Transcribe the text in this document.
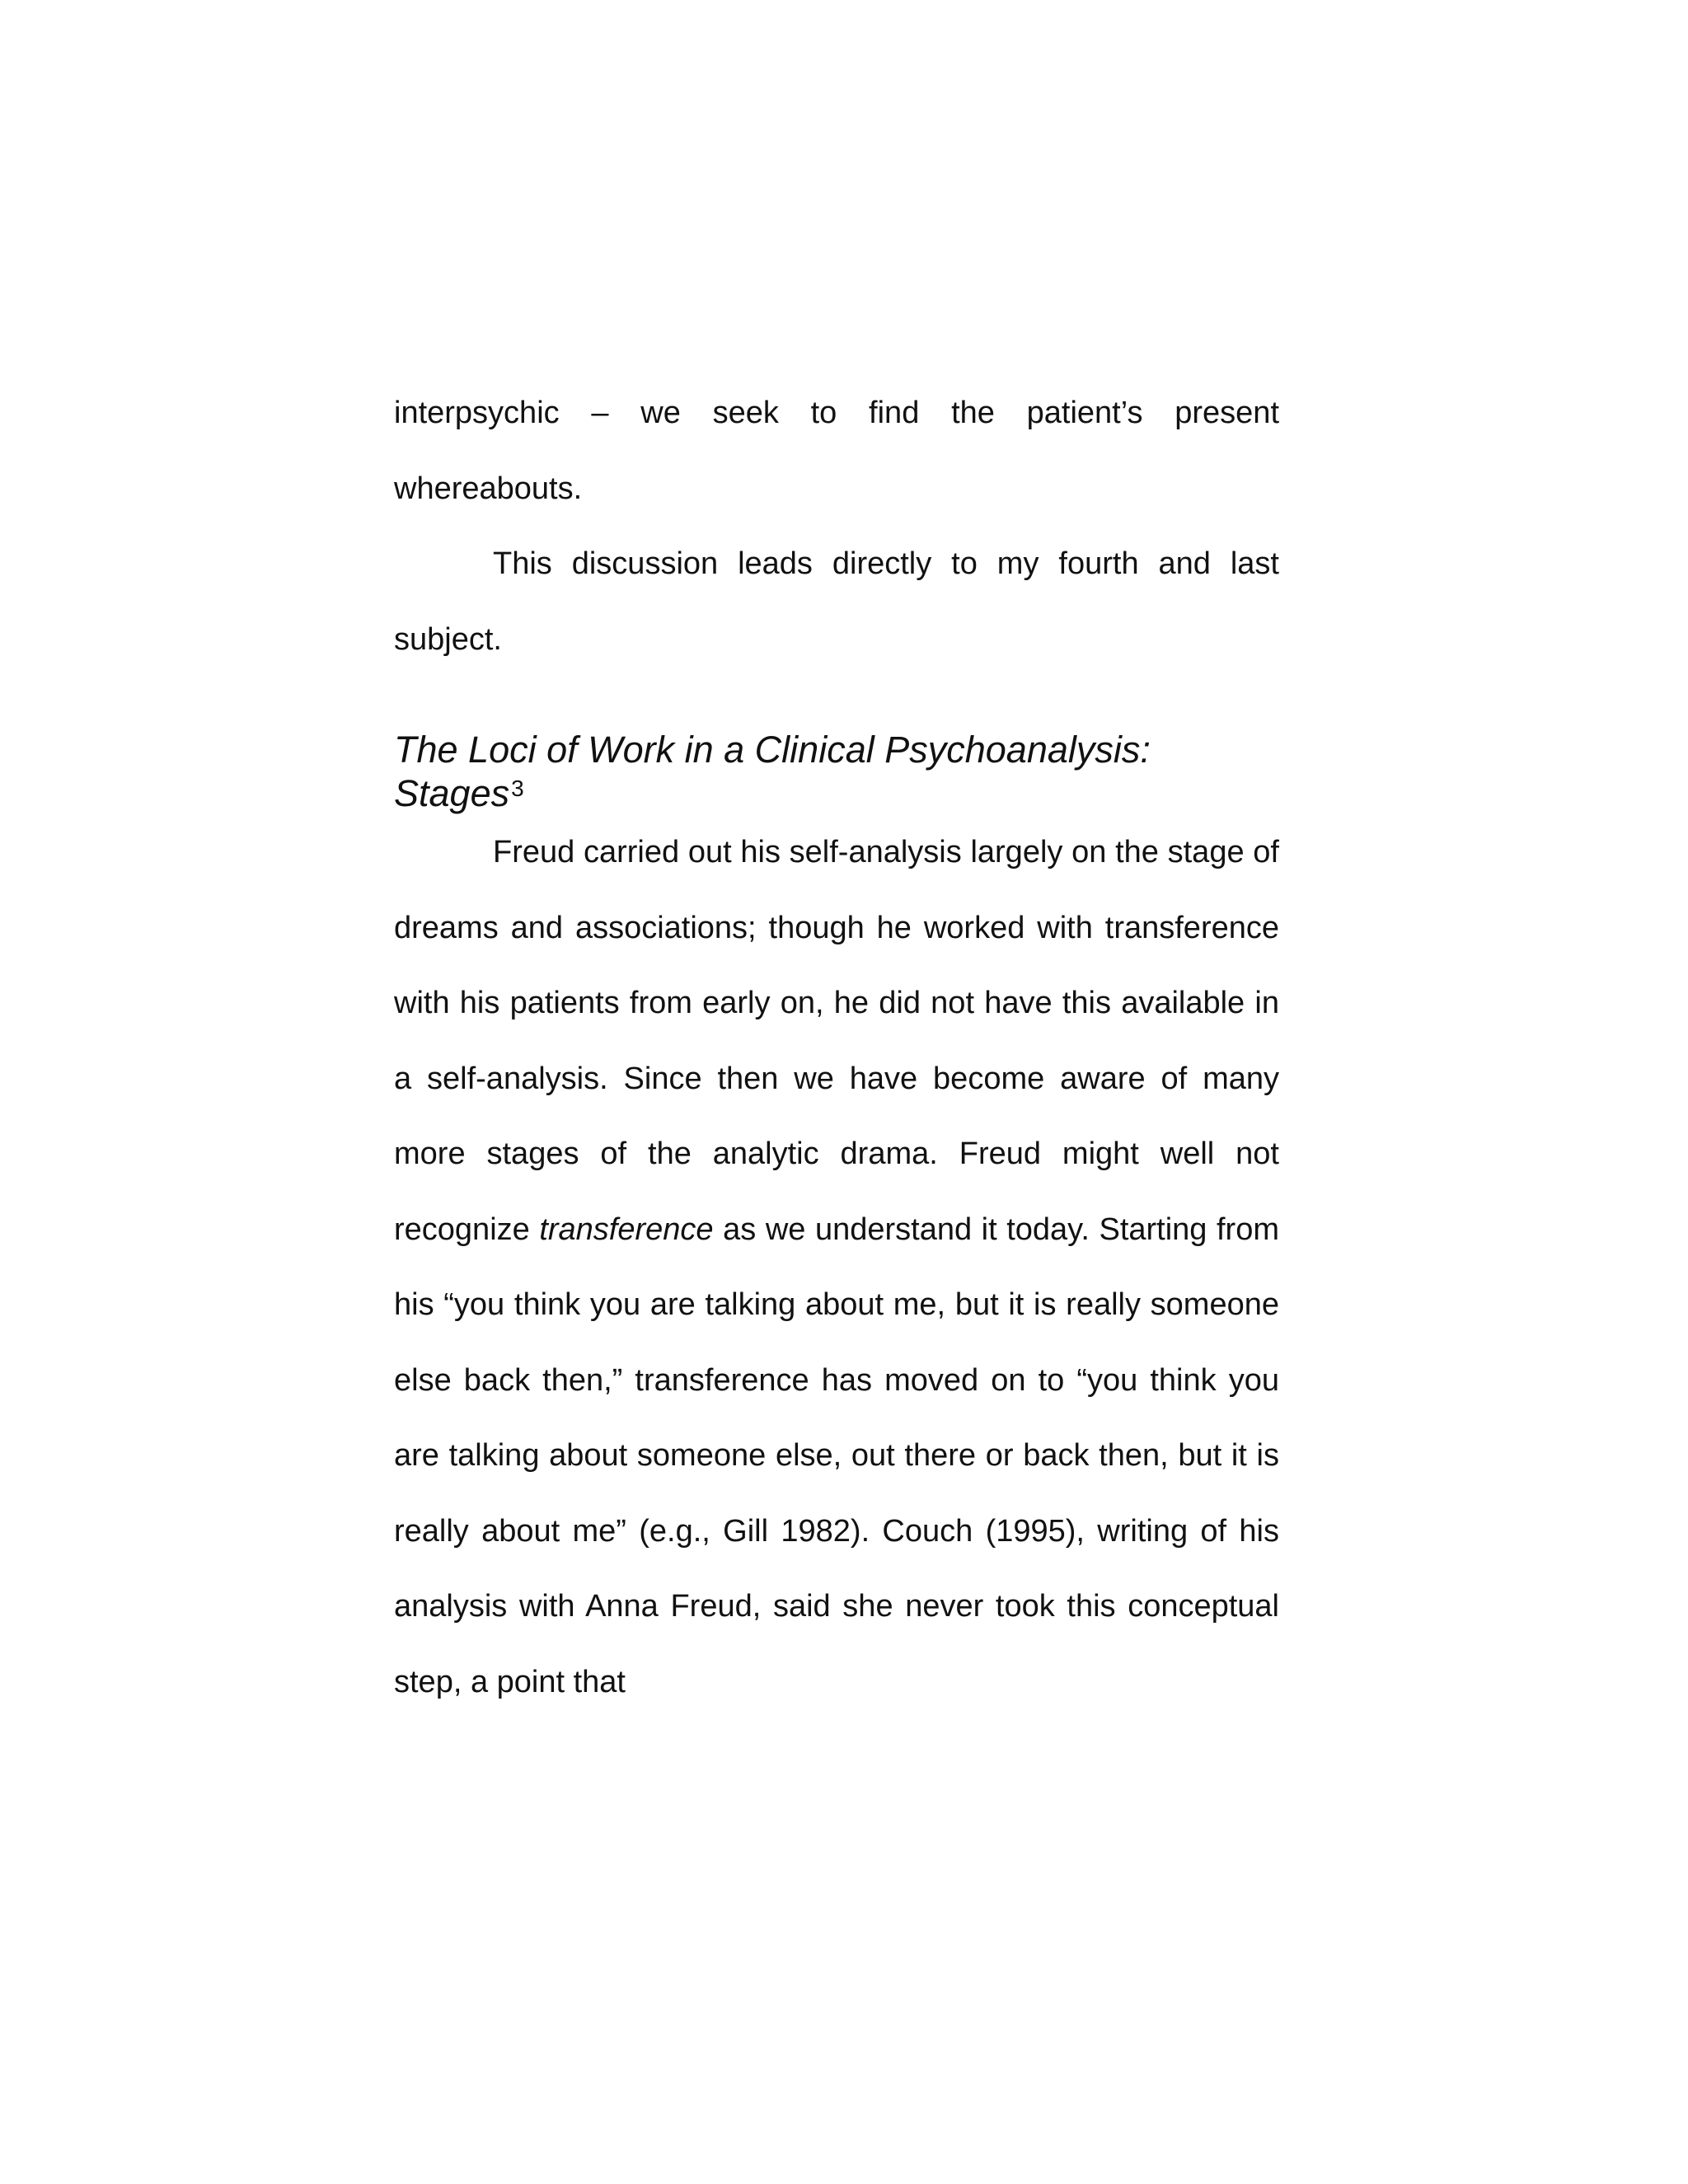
interpsychic – we seek to find the patient’s present whereabouts.

This discussion leads directly to my fourth and last subject.

The Loci of Work in a Clinical Psychoanalysis:
Stages$^3$

Freud carried out his self-analysis largely on the stage of dreams and associations; though he worked with transference with his patients from early on, he did not have this available in a self-analysis. Since then we have become aware of many more stages of the analytic drama. Freud might well not recognize transference as we understand it today. Starting from his “you think you are talking about me, but it is really someone else back then,” transference has moved on to “you think you are talking about someone else, out there or back then, but it is really about me” (e.g., Gill 1982). Couch (1995), writing of his analysis with Anna Freud, said she never took this conceptual step, a point that
